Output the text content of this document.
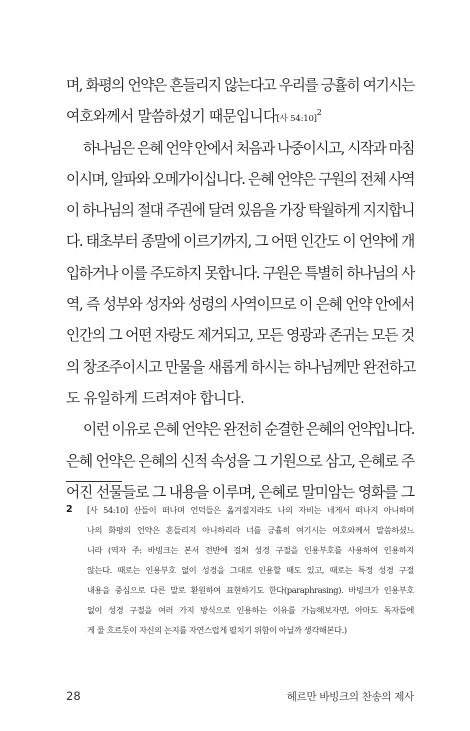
며, 화평의 언약은 흔들리지 않는다고 우리를 긍휼히 여기시는
여호와께서 말씀하셨기 때문입니다[사 54:10]$^2$
하나님은 은혜 언약 안에서 처음과 나중이시고, 시작과 마침
이시며, 알파와 오메가이십니다. 은혜 언약은 구원의 전체 사역
이 하나님의 절대 주권에 달려 있음을 가장 탁월하게 지지합니
다. 태초부터 종말에 이르기까지, 그 어떤 인간도 이 언약에 개
입하거나 이를 주도하지 못합니다. 구원은 특별히 하나님의 사
역, 즉 성부와 성자와 성령의 사역이므로 이 은혜 언약 안에서
인간의 그 어떤 자랑도 제거되고, 모든 영광과 존귀는 모든 것
의 창조주이시고 만물을 새롭게 하시는 하나님께만 완전하고
도 유일하게 드려져야 합니다.
이런 이유로 은혜 언약은 완전히 순결한 은혜의 언약입니다.
은혜 언약은 은혜의 신적 속성을 그 기원으로 삼고, 은혜로 주
어진 선물들로 그 내용을 이루며, 은혜로 말미암는 영화를 그
2 [사 54:10] 산들이 떠나며 언덕들은 옮겨질지라도 나의 자비는 네게서 떠나지 아니하며
나의 화평의 언약은 흔들리지 아니하리라 너를 긍휼히 여기시는 여호와께서 말씀하셨느
니라 (역자 주: 바빙크는 본서 전반에 걸쳐 성경 구절을 인용부호를 사용하여 인용하지
않는다. 때로는 인용부호 없이 성경을 그대로 인용할 때도 있고, 때로는 특정 성경 구절
내용을 중심으로 다른 말로 환원하여 표현하기도 한다(paraphrasing). 바빙크가 인용부호
없이 성경 구절을 여러 가지 방식으로 인용하는 이유를 가늠해보자면, 아마도 독자들에
게 물 흐르듯이 자신의 논지를 자연스럽게 펼치기 위함이 아닐까 생각해본다.)
28	헤르만 바빙크의 찬송의 제사
